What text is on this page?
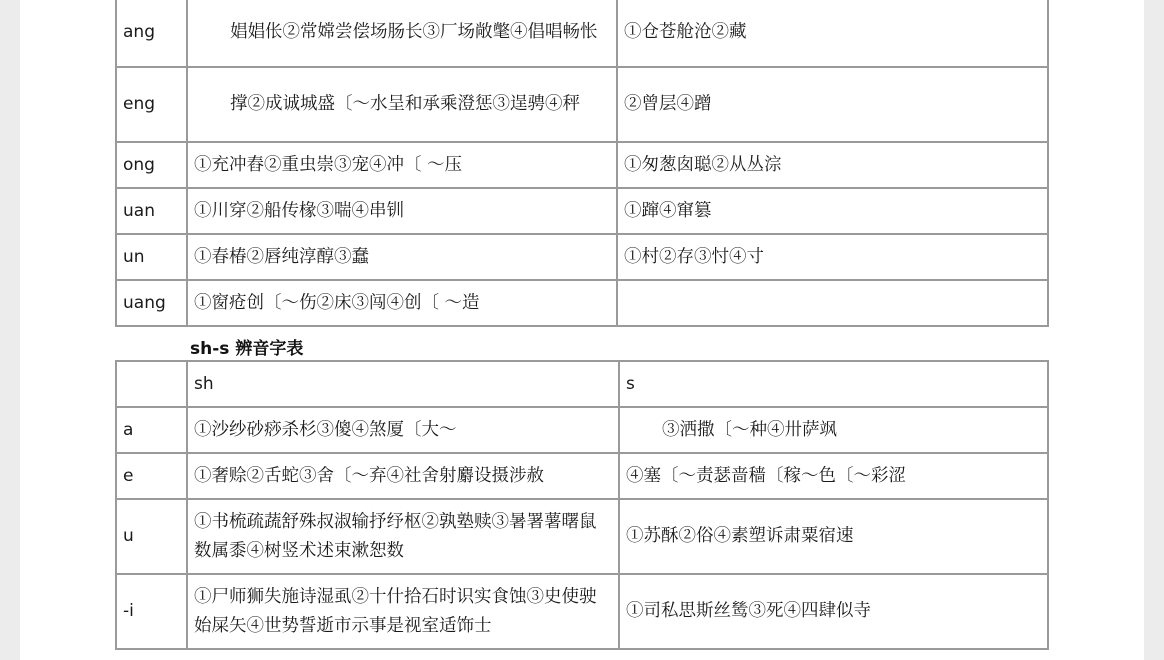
ang	娼娼伥②常嫦尝偿场肠长③厂场敞氅④倡唱畅怅	①仓苍舱沧②藏
eng	撑②成诚城盛〔～水呈和承乘澄惩③逞骋④秤	②曾层④蹭
ong	①充冲舂②重虫崇③宠④冲〔 ～压	①匆葱囱聪②从丛淙
uan	①川穿②船传椽③喘④串钏	①蹿④窜篡
un	①春椿②唇纯淳醇③蠢	①村②存③忖④寸
uang	①窗疮创〔～伤②床③闯④创〔 ～造	
sh-s 辨音字表
	sh	s
a	①沙纱砂痧杀杉③傻④煞厦〔大～	③洒撒〔～种④卅萨飒
e	①奢赊②舌蛇③舍〔～弃④社舍射麝设摄涉赦	④塞〔～责瑟啬穑〔稼～色〔～彩涩
u	①书梳疏蔬舒殊叔淑输抒纾枢②孰塾赎③暑署薯曙鼠数属黍④树竖术述束漱恕数	①苏酥②俗④素塑诉肃粟宿速
-i	①尸师狮失施诗湿虱②十什拾石时识实食蚀③史使驶始屎矢④世势誓逝市示事是视室适饰士	①司私思斯丝鸶③死④四肆似寺
